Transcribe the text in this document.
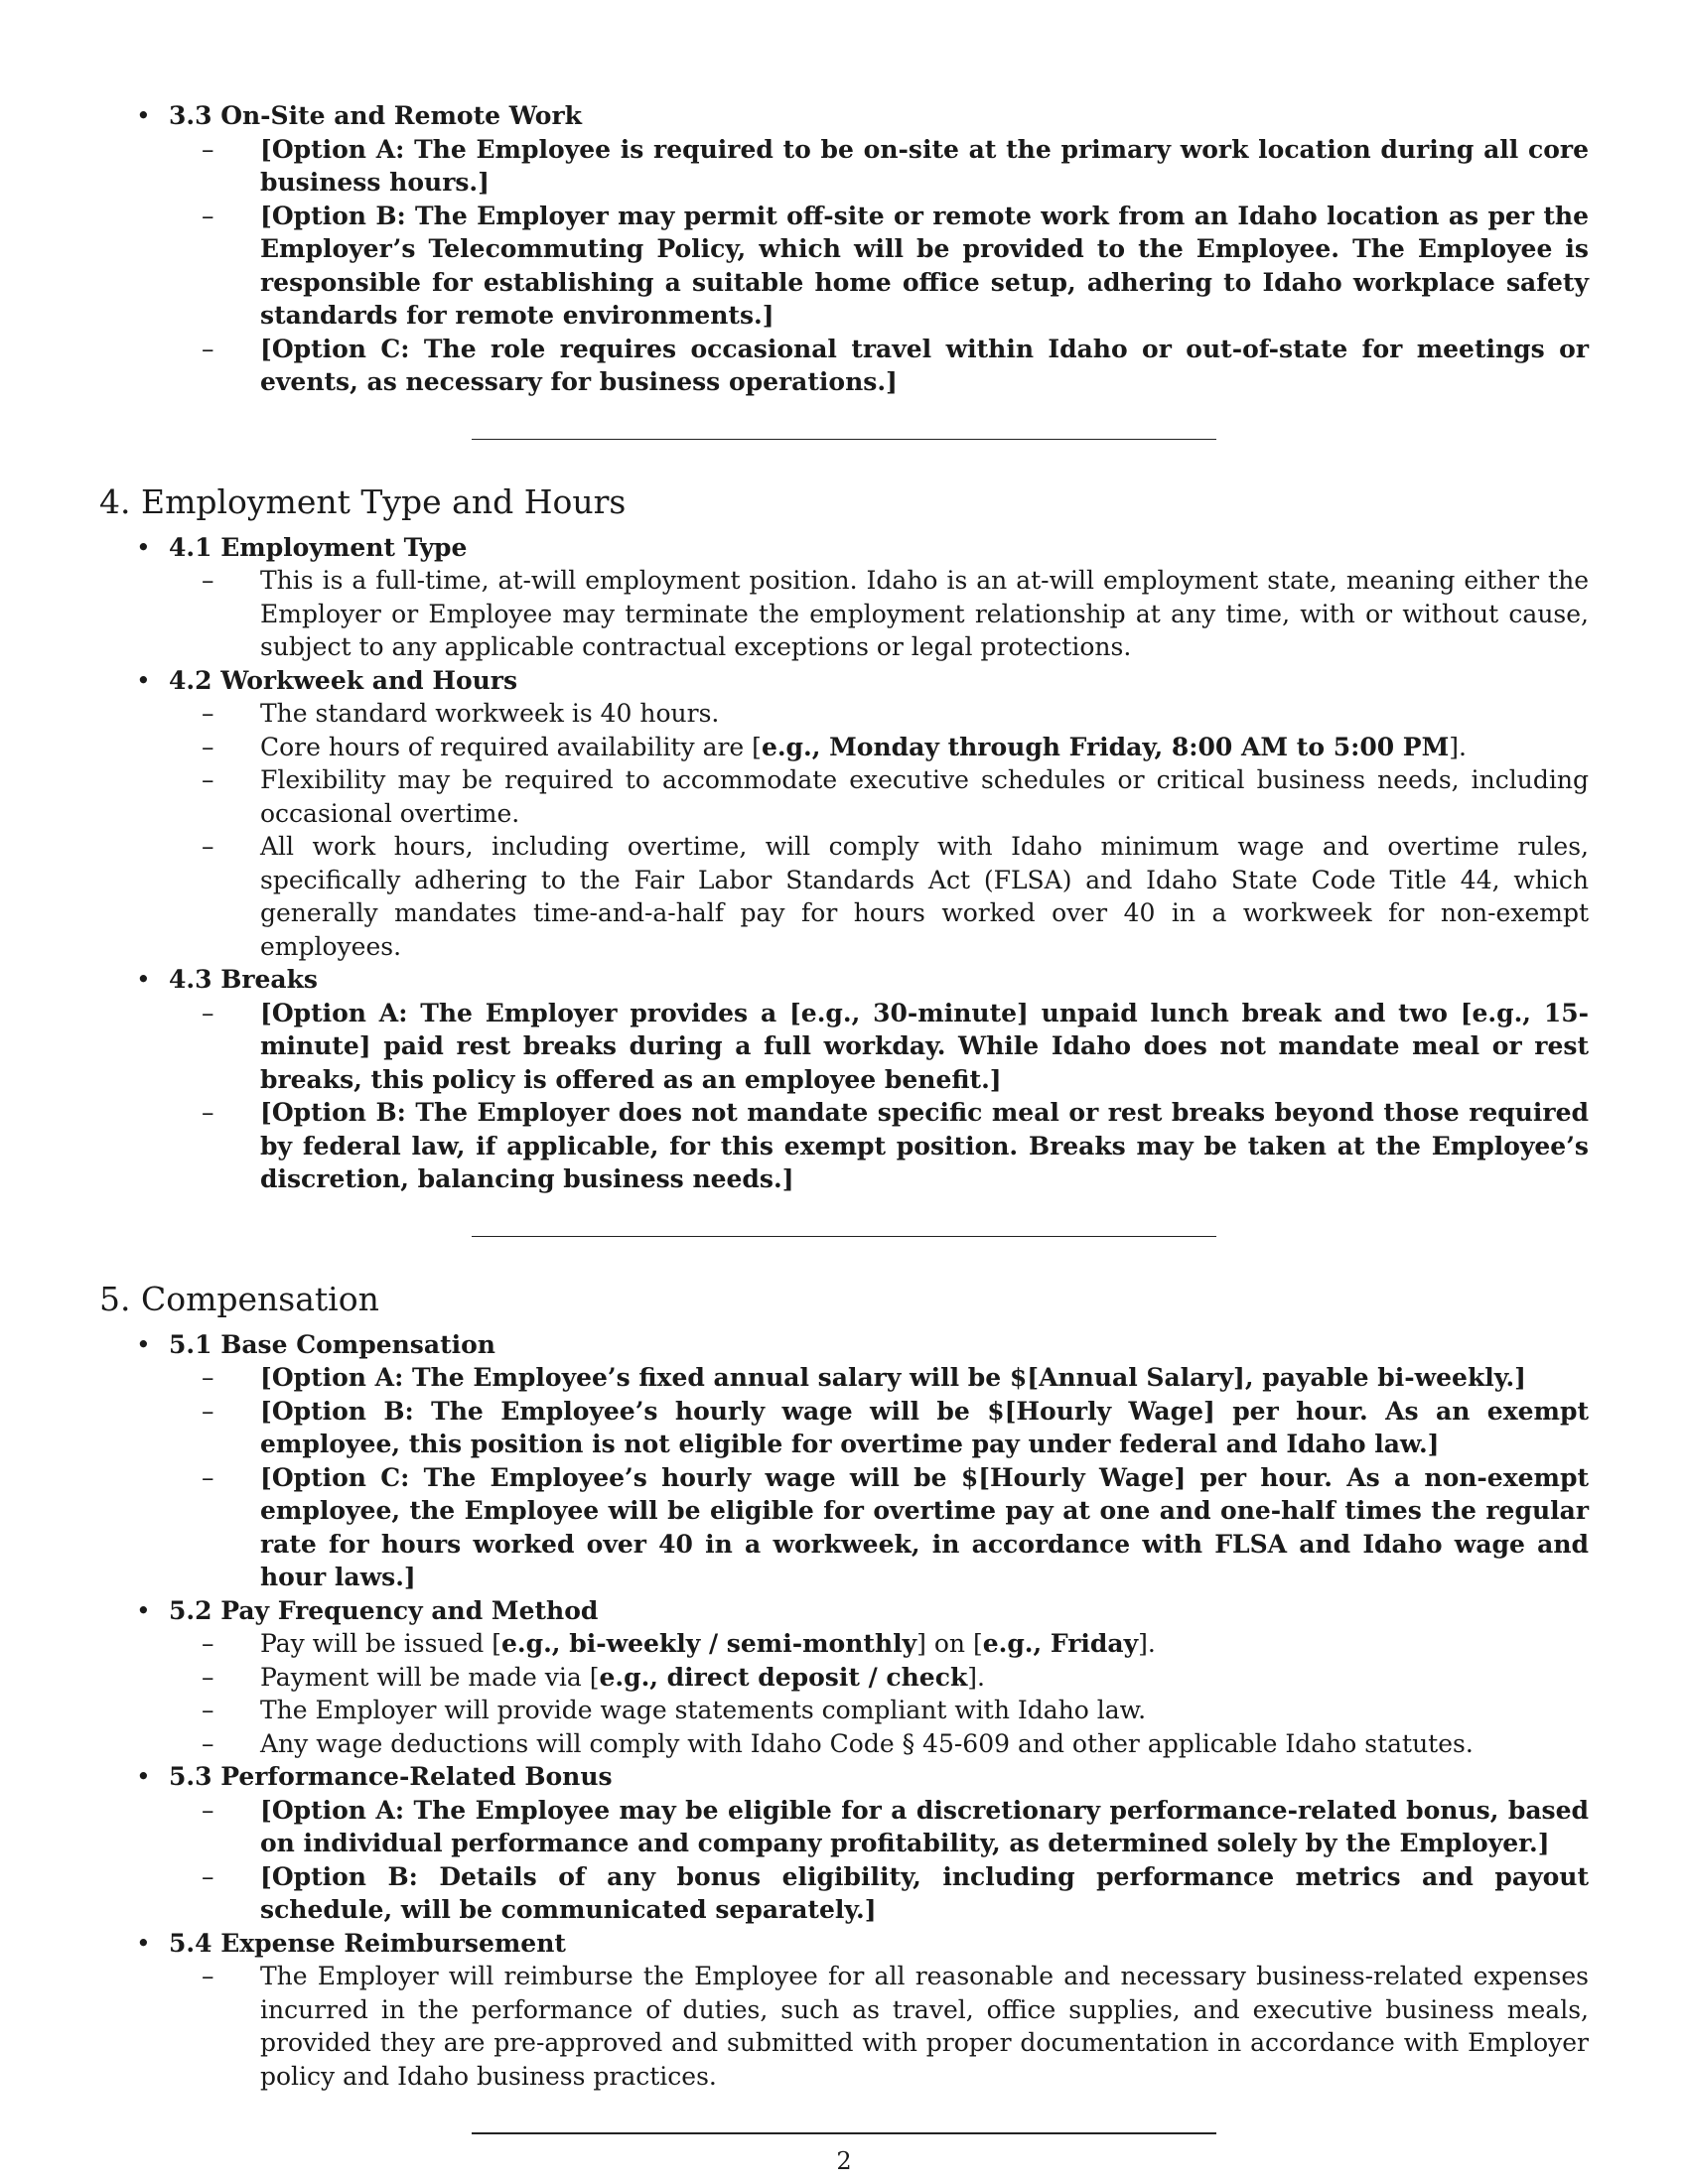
• 3.3 On-Site and Remote Work
– [Option A: The Employee is required to be on-site at the primary work location during all core business hours.]
– [Option B: The Employer may permit off-site or remote work from an Idaho location as per the Employer’s Telecommuting Policy, which will be provided to the Employee. The Employee is responsible for establishing a suitable home office setup, adhering to Idaho workplace safety standards for remote environments.]
– [Option C: The role requires occasional travel within Idaho or out-of-state for meetings or events, as necessary for business operations.]
4. Employment Type and Hours
• 4.1 Employment Type
– This is a full-time, at-will employment position. Idaho is an at-will employment state, meaning either the Employer or Employee may terminate the employment relationship at any time, with or without cause, subject to any applicable contractual exceptions or legal protections.
• 4.2 Workweek and Hours
– The standard workweek is 40 hours.
– Core hours of required availability are [e.g., Monday through Friday, 8:00 AM to 5:00 PM].
– Flexibility may be required to accommodate executive schedules or critical business needs, including occasional overtime.
– All work hours, including overtime, will comply with Idaho minimum wage and overtime rules, specifically adhering to the Fair Labor Standards Act (FLSA) and Idaho State Code Title 44, which generally mandates time-and-a-half pay for hours worked over 40 in a workweek for non-exempt employees.
• 4.3 Breaks
– [Option A: The Employer provides a [e.g., 30-minute] unpaid lunch break and two [e.g., 15-minute] paid rest breaks during a full workday. While Idaho does not mandate meal or rest breaks, this policy is offered as an employee benefit.]
– [Option B: The Employer does not mandate specific meal or rest breaks beyond those required by federal law, if applicable, for this exempt position. Breaks may be taken at the Employee’s discretion, balancing business needs.]
5. Compensation
• 5.1 Base Compensation
– [Option A: The Employee’s fixed annual salary will be $[Annual Salary], payable bi-weekly.]
– [Option B: The Employee’s hourly wage will be $[Hourly Wage] per hour. As an exempt employee, this position is not eligible for overtime pay under federal and Idaho law.]
– [Option C: The Employee’s hourly wage will be $[Hourly Wage] per hour. As a non-exempt employee, the Employee will be eligible for overtime pay at one and one-half times the regular rate for hours worked over 40 in a workweek, in accordance with FLSA and Idaho wage and hour laws.]
• 5.2 Pay Frequency and Method
– Pay will be issued [e.g., bi-weekly / semi-monthly] on [e.g., Friday].
– Payment will be made via [e.g., direct deposit / check].
– The Employer will provide wage statements compliant with Idaho law.
– Any wage deductions will comply with Idaho Code § 45-609 and other applicable Idaho statutes.
• 5.3 Performance-Related Bonus
– [Option A: The Employee may be eligible for a discretionary performance-related bonus, based on individual performance and company profitability, as determined solely by the Employer.]
– [Option B: Details of any bonus eligibility, including performance metrics and payout schedule, will be communicated separately.]
• 5.4 Expense Reimbursement
– The Employer will reimburse the Employee for all reasonable and necessary business-related expenses incurred in the performance of duties, such as travel, office supplies, and executive business meals, provided they are pre-approved and submitted with proper documentation in accordance with Employer policy and Idaho business practices.
2
